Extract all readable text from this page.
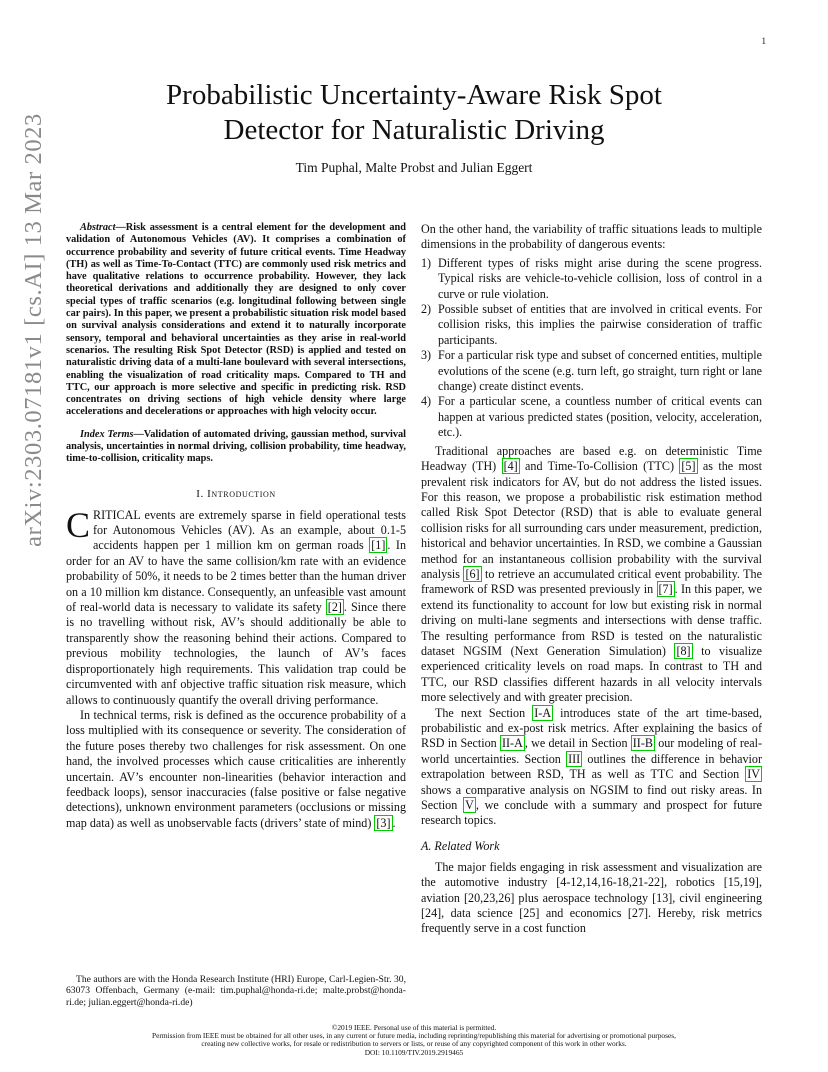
1
arXiv:2303.07181v1 [cs.AI] 13 Mar 2023
Probabilistic Uncertainty-Aware Risk Spot
Detector for Naturalistic Driving
Tim Puphal, Malte Probst and Julian Eggert

Abstract—Risk assessment is a central element for the development and validation of Autonomous Vehicles (AV). It comprises a combination of occurrence probability and severity of future critical events. Time Headway (TH) as well as Time-To-Contact (TTC) are commonly used risk metrics and have qualitative relations to occurrence probability. However, they lack theoretical derivations and additionally they are designed to only cover special types of traffic scenarios (e.g. longitudinal following between single car pairs). In this paper, we present a probabilistic situation risk model based on survival analysis considerations and extend it to naturally incorporate sensory, temporal and behavioral uncertainties as they arise in real-world scenarios. The resulting Risk Spot Detector (RSD) is applied and tested on naturalistic driving data of a multi-lane boulevard with several intersections, enabling the visualization of road criticality maps. Compared to TH and TTC, our approach is more selective and specific in predicting risk. RSD concentrates on driving sections of high vehicle density where large accelerations and decelerations or approaches with high velocity occur.

Index Terms—Validation of automated driving, gaussian method, survival analysis, uncertainties in normal driving, collision probability, time headway, time-to-collision, criticality maps.

I. Introduction

CRITICAL events are extremely sparse in field operational tests for Autonomous Vehicles (AV). As an example, about 0.1-5 accidents happen per 1 million km on german roads [1] . In order for an AV to have the same collision/km rate with an evidence probability of 50%, it needs to be 2 times better than the human driver on a 10 million km distance. Consequently, an unfeasible vast amount of real-world data is necessary to validate its safety [2] . Since there is no travelling without risk, AV’s should additionally be able to transparently show the reasoning behind their actions. Compared to previous mobility technologies, the launch of AV’s faces disproportionately high requirements. This validation trap could be circumvented with anf objective traffic situation risk measure, which allows to continuously quantify the overall driving performance.

In technical terms, risk is defined as the occurence probability of a loss multiplied with its consequence or severity. The consideration of the future poses thereby two challenges for risk assessment. On one hand, the involved processes which cause criticalities are inherently uncertain. AV’s encounter non-linearities (behavior interaction and feedback loops), sensor inaccuracies (false positive or false negative detections), unknown environment parameters (occlusions or missing map data) as well as unobservable facts (drivers’ state of mind) [3] .

The authors are with the Honda Research Institute (HRI) Europe, Carl-Legien-Str. 30, 63073 Offenbach, Germany (e-mail: tim.puphal@honda-ri.de; malte.probst@honda-ri.de; julian.eggert@honda-ri.de)

On the other hand, the variability of traffic situations leads to multiple dimensions in the probability of dangerous events:

1) Different types of risks might arise during the scene progress. Typical risks are vehicle-to-vehicle collision, loss of control in a curve or rule violation.
2) Possible subset of entities that are involved in critical events. For collision risks, this implies the pairwise consideration of traffic participants.
3) For a particular risk type and subset of concerned entities, multiple evolutions of the scene (e.g. turn left, go straight, turn right or lane change) create distinct events.
4) For a particular scene, a countless number of critical events can happen at various predicted states (position, velocity, acceleration, etc.).

Traditional approaches are based e.g. on deterministic Time Headway (TH) [4] and Time-To-Collision (TTC) [5] as the most prevalent risk indicators for AV, but do not address the listed issues. For this reason, we propose a probabilistic risk estimation method called Risk Spot Detector (RSD) that is able to evaluate general collision risks for all surrounding cars under measurement, prediction, historical and behavior uncertainties. In RSD, we combine a Gaussian method for an instantaneous collision probability with the survival analysis [6] to retrieve an accumulated critical event probability. The framework of RSD was presented previously in [7] . In this paper, we extend its functionality to account for low but existing risk in normal driving on multi-lane segments and intersections with dense traffic. The resulting performance from RSD is tested on the naturalistic dataset NGSIM (Next Generation Simulation) [8] to visualize experienced criticality levels on road maps. In contrast to TH and TTC, our RSD classifies different hazards in all velocity intervals more selectively and with greater precision.

The next Section I-A introduces state of the art time-based, probabilistic and ex-post risk metrics. After explaining the basics of RSD in Section II-A , we detail in Section II-B our modeling of real-world uncertainties. Section III outlines the difference in behavior extrapolation between RSD, TH as well as TTC and Section IV shows a comparative analysis on NGSIM to find out risky areas. In Section V , we conclude with a summary and prospect for future research topics.

A. Related Work

The major fields engaging in risk assessment and visualization are the automotive industry [4-12,14,16-18,21-22], robotics [15,19], aviation [20,23,26] plus aerospace technology [13], civil engineering [24], data science [25] and economics [27]. Hereby, risk metrics frequently serve in a cost function

©2019 IEEE. Personal use of this material is permitted.
Permission from IEEE must be obtained for all other uses, in any current or future media, including reprinting/republishing this material for advertising or promotional purposes,
creating new collective works, for resale or redistribution to servers or lists, or reuse of any copyrighted component of this work in other works.
DOI: 10.1109/TIV.2019.2919465
